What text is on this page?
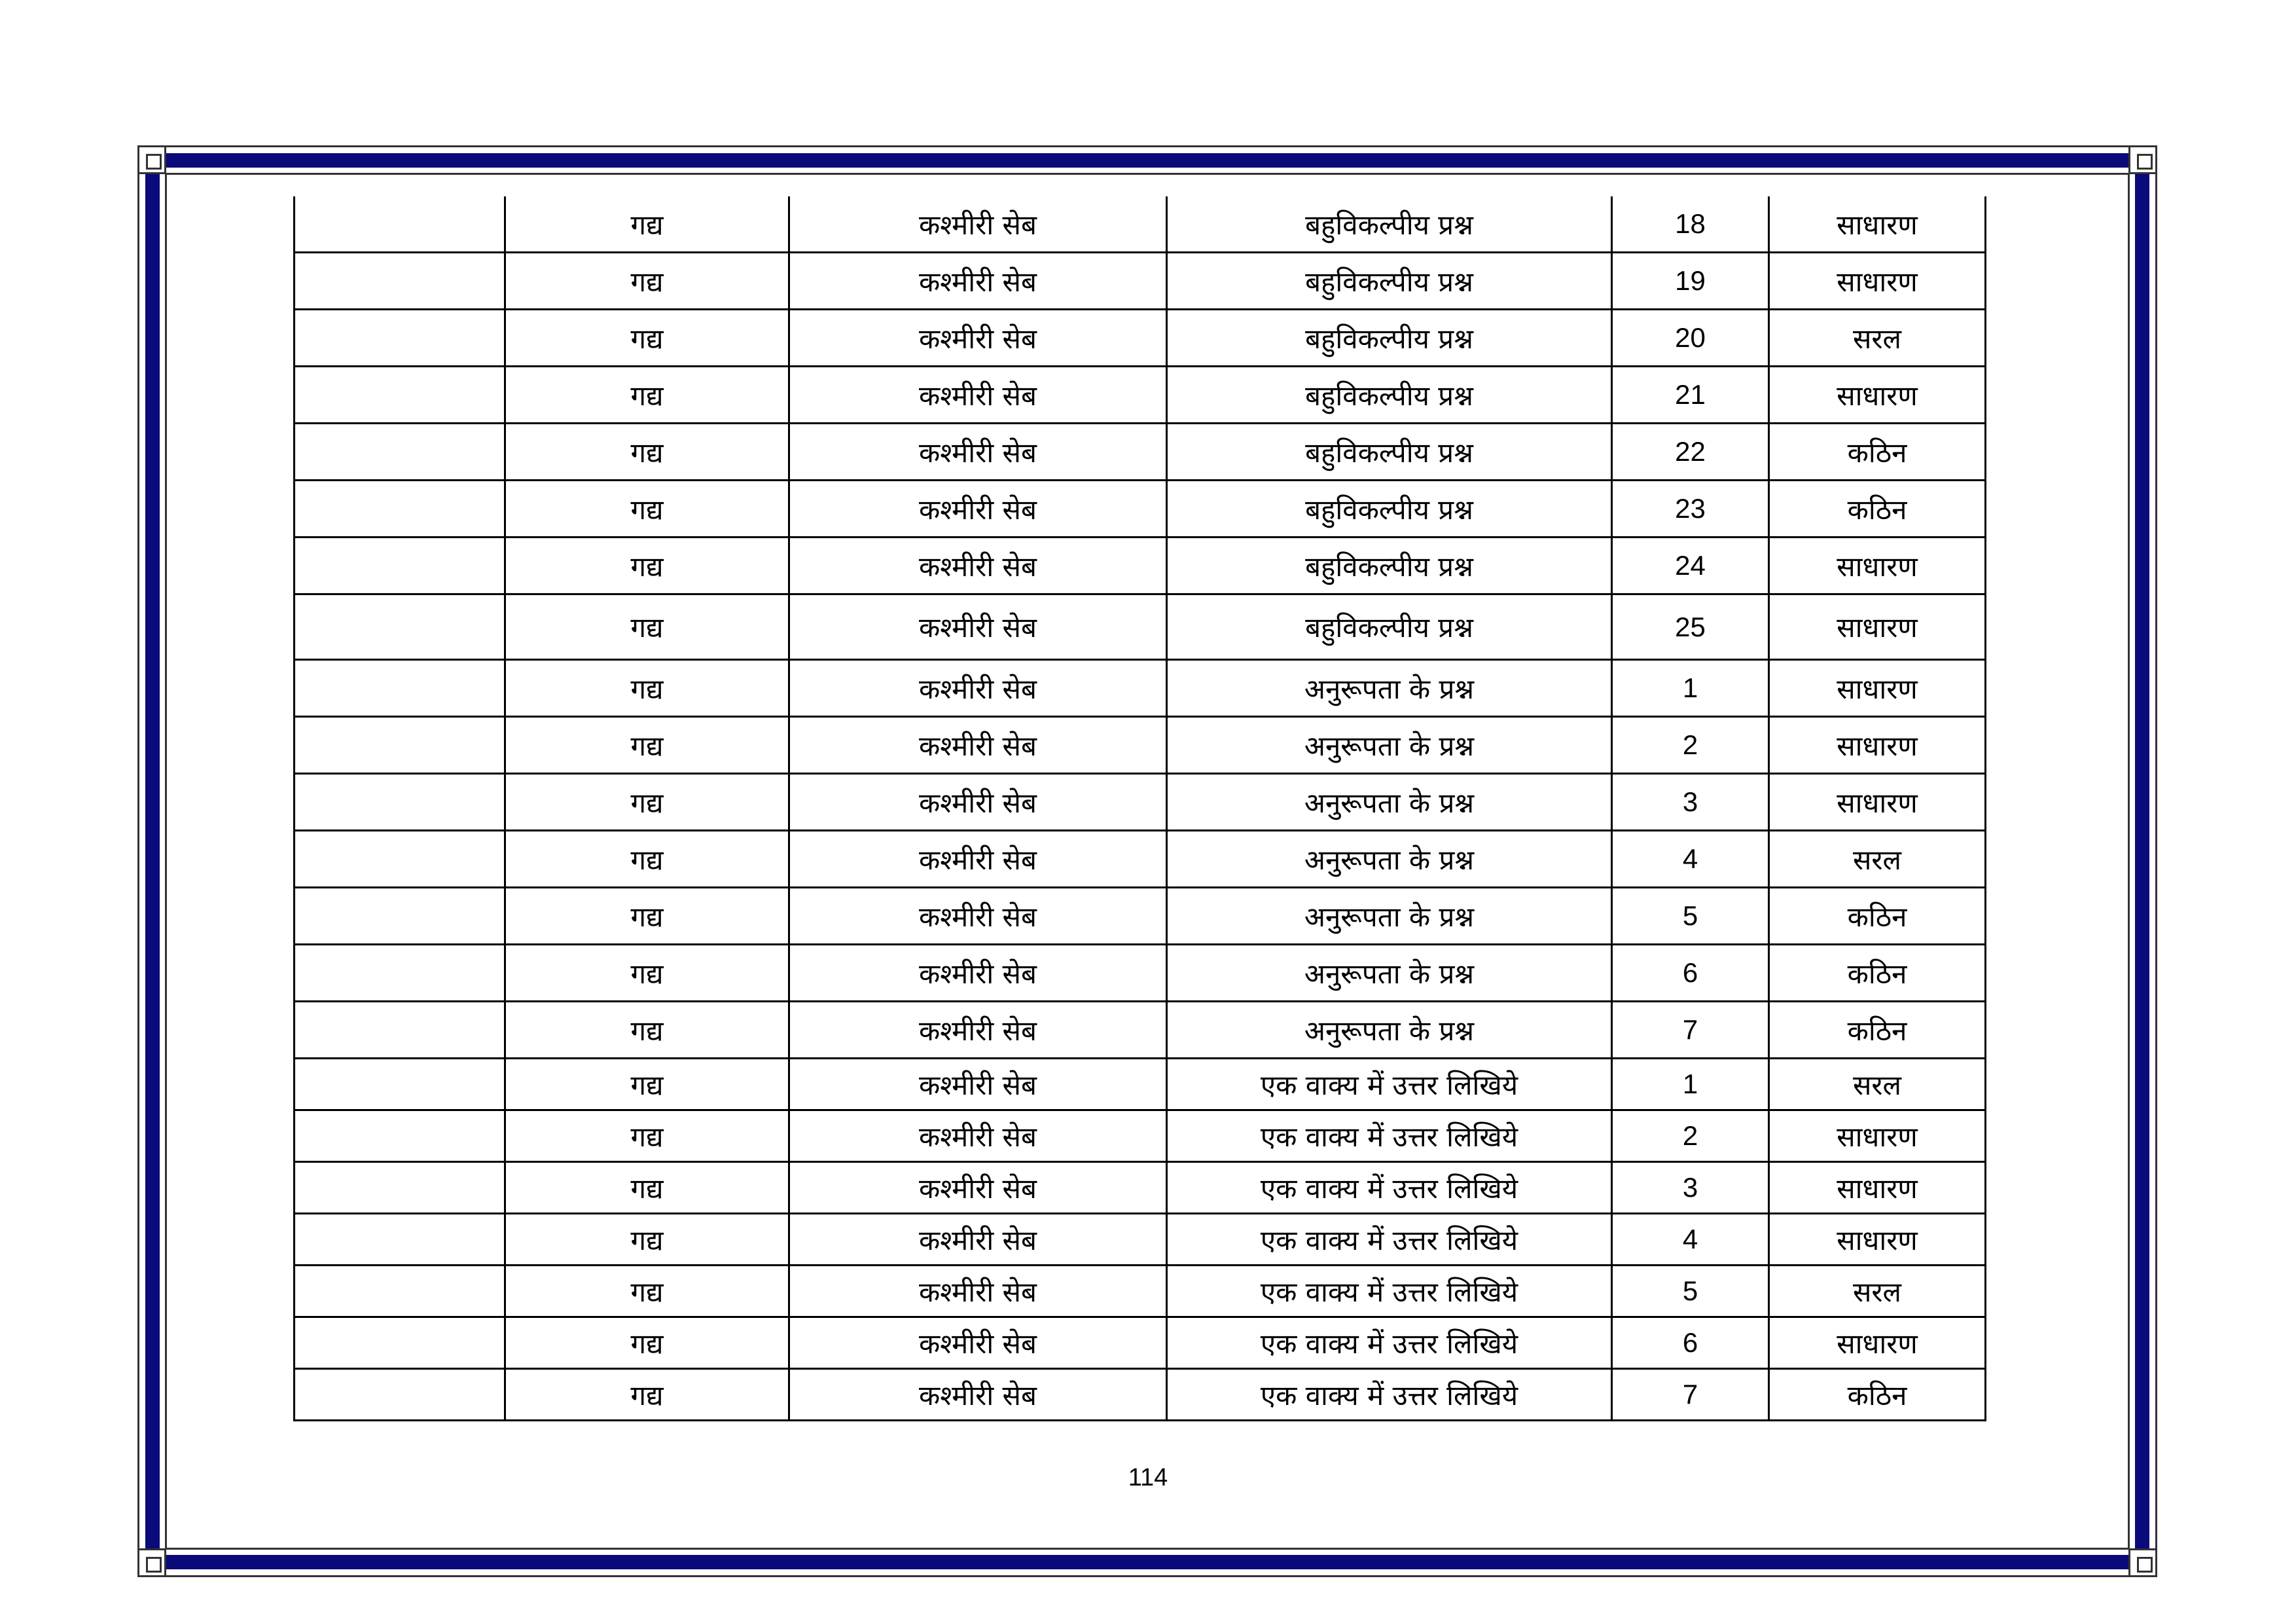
	गद्य	कश्मीरी सेब	बहुविकल्पीय प्रश्न	18	साधारण
	गद्य	कश्मीरी सेब	बहुविकल्पीय प्रश्न	19	साधारण
	गद्य	कश्मीरी सेब	बहुविकल्पीय प्रश्न	20	सरल
	गद्य	कश्मीरी सेब	बहुविकल्पीय प्रश्न	21	साधारण
	गद्य	कश्मीरी सेब	बहुविकल्पीय प्रश्न	22	कठिन
	गद्य	कश्मीरी सेब	बहुविकल्पीय प्रश्न	23	कठिन
	गद्य	कश्मीरी सेब	बहुविकल्पीय प्रश्न	24	साधारण
	गद्य	कश्मीरी सेब	बहुविकल्पीय प्रश्न	25	साधारण
	गद्य	कश्मीरी सेब	अनुरूपता के प्रश्न	1	साधारण
	गद्य	कश्मीरी सेब	अनुरूपता के प्रश्न	2	साधारण
	गद्य	कश्मीरी सेब	अनुरूपता के प्रश्न	3	साधारण
	गद्य	कश्मीरी सेब	अनुरूपता के प्रश्न	4	सरल
	गद्य	कश्मीरी सेब	अनुरूपता के प्रश्न	5	कठिन
	गद्य	कश्मीरी सेब	अनुरूपता के प्रश्न	6	कठिन
	गद्य	कश्मीरी सेब	अनुरूपता के प्रश्न	7	कठिन
	गद्य	कश्मीरी सेब	एक वाक्य में उत्तर लिखिये	1	सरल
	गद्य	कश्मीरी सेब	एक वाक्य में उत्तर लिखिये	2	साधारण
	गद्य	कश्मीरी सेब	एक वाक्य में उत्तर लिखिये	3	साधारण
	गद्य	कश्मीरी सेब	एक वाक्य में उत्तर लिखिये	4	साधारण
	गद्य	कश्मीरी सेब	एक वाक्य में उत्तर लिखिये	5	सरल
	गद्य	कश्मीरी सेब	एक वाक्य में उत्तर लिखिये	6	साधारण
	गद्य	कश्मीरी सेब	एक वाक्य में उत्तर लिखिये	7	कठिन
114
